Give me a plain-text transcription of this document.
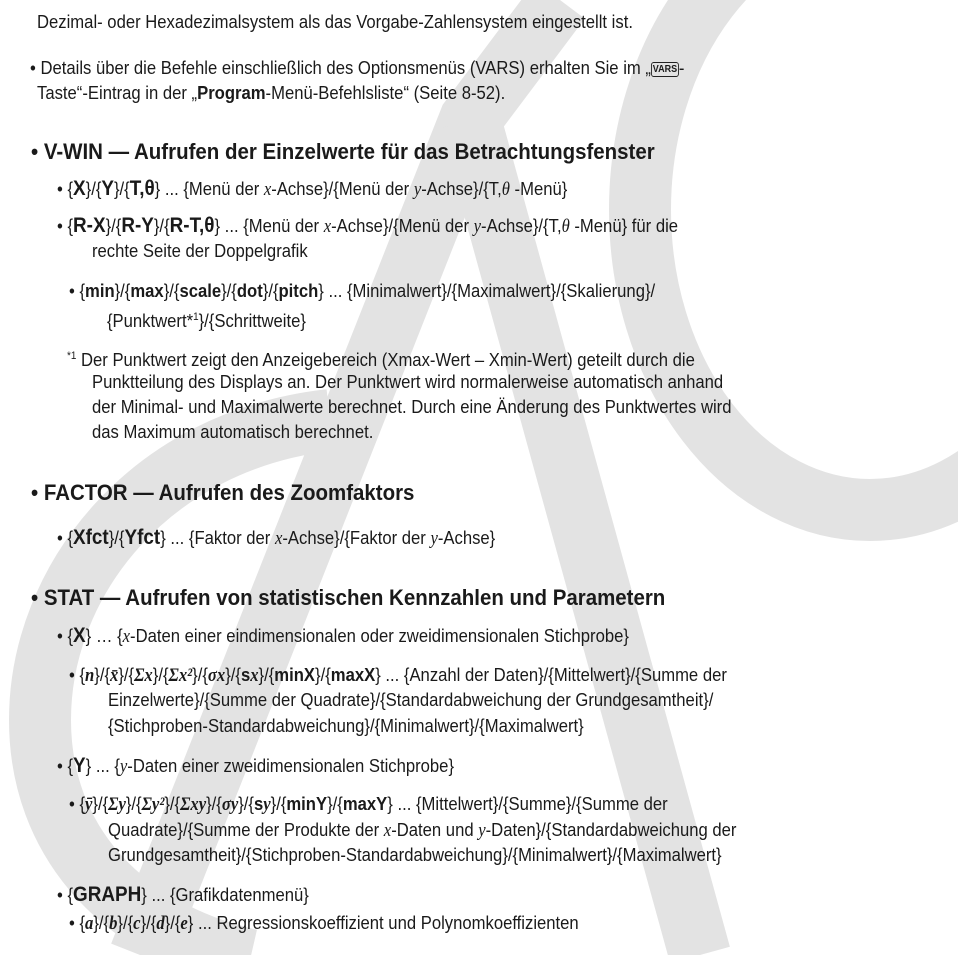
Dezimal- oder Hexadezimalsystem als das Vorgabe-Zahlensystem eingestellt ist.
• Details über die Befehle einschließlich des Optionsmenüs (VARS) erhalten Sie im „ VARS-
Taste“-Eintrag in der „Program-Menü-Befehlsliste“ (Seite 8-52).
• V-WIN — Aufrufen der Einzelwerte für das Betrachtungsfenster
• {X}/{Y}/{T,θ} ... {Menü der x-Achse}/{Menü der y-Achse}/{T,θ -Menü}
• {R-X}/{R-Y}/{R-T,θ} ... {Menü der x-Achse}/{Menü der y-Achse}/{T,θ -Menü} für die
rechte Seite der Doppelgrafik
• {min}/{max}/{scale}/{dot}/{pitch} ... {Minimalwert}/{Maximalwert}/{Skalierung}/
{Punktwert*$^1$}/{Schrittweite}
$^{*1}$ Der Punktwert zeigt den Anzeigebereich (Xmax-Wert – Xmin-Wert) geteilt durch die
Punktteilung des Displays an. Der Punktwert wird normalerweise automatisch anhand
der Minimal- und Maximalwerte berechnet. Durch eine Änderung des Punktwertes wird
das Maximum automatisch berechnet.
• FACTOR — Aufrufen des Zoomfaktors
• {Xfct}/{Yfct} ... {Faktor der x-Achse}/{Faktor der y-Achse}
• STAT — Aufrufen von statistischen Kennzahlen und Parametern
• {X} … {x-Daten einer eindimensionalen oder zweidimensionalen Stichprobe}
• {n}/{x̄}/{Σx}/{Σx²}/{σx}/{sx}/{minX}/{maxX} ... {Anzahl der Daten}/{Mittelwert}/{Summe der
Einzelwerte}/{Summe der Quadrate}/{Standardabweichung der Grundgesamtheit}/
{Stichproben-Standardabweichung}/{Minimalwert}/{Maximalwert}
• {Y} ... {y-Daten einer zweidimensionalen Stichprobe}
• {ȳ}/{Σy}/{Σy²}/{Σxy}/{σy}/{sy}/{minY}/{maxY} ... {Mittelwert}/{Summe}/{Summe der
Quadrate}/{Summe der Produkte der x-Daten und y-Daten}/{Standardabweichung der
Grundgesamtheit}/{Stichproben-Standardabweichung}/{Minimalwert}/{Maximalwert}
• {GRAPH} ... {Grafikdatenmenü}
• {a}/{b}/{c}/{d}/{e} ... Regressionskoeffizient und Polynomkoeffizienten
